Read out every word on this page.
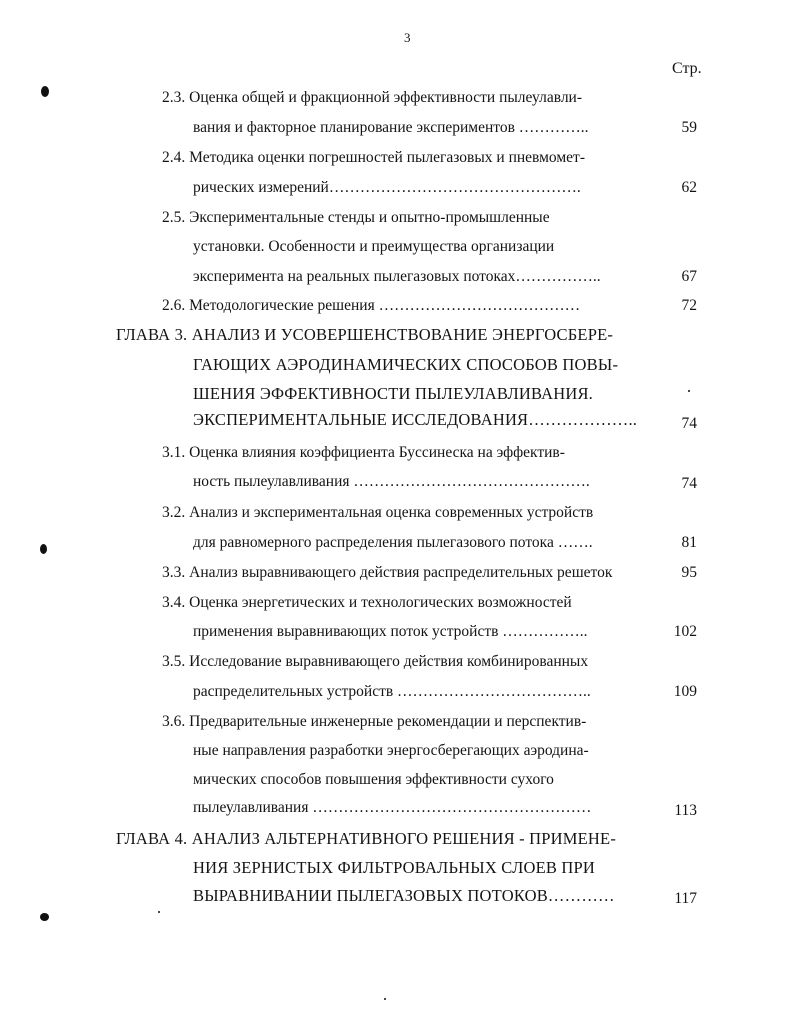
3
Стр.
2.3. Оценка общей и фракционной эффективности пылеулавли-
вания и факторное планирование экспериментов …………..	59
2.4. Методика оценки погрешностей пылегазовых и пневмомет-
рических измерений………………………………………….	62
2.5. Экспериментальные стенды и опытно-промышленные
установки. Особенности и преимущества организации
эксперимента на реальных пылегазовых потоках……………..	67
2.6. Методологические решения …………………………………	72
ГЛАВА 3. АНАЛИЗ И УСОВЕРШЕНСТВОВАНИЕ ЭНЕРГОСБЕРЕ-
ГАЮЩИХ АЭРОДИНАМИЧЕСКИХ СПОСОБОВ ПОВЫ-
ШЕНИЯ ЭФФЕКТИВНОСТИ ПЫЛЕУЛАВЛИВАНИЯ.
ЭКСПЕРИМЕНТАЛЬНЫЕ ИССЛЕДОВАНИЯ………………..	74
3.1. Оценка влияния коэффициента Буссинеска на эффектив-
ность пылеулавливания ……………………………………….	74
3.2. Анализ и экспериментальная оценка современных устройств
для равномерного распределения пылегазового потока …….	81
3.3. Анализ выравнивающего действия распределительных решеток	95
3.4. Оценка энергетических и технологических возможностей
применения выравнивающих поток устройств ……………..	102
3.5. Исследование выравнивающего действия комбинированных
распределительных устройств ………………………………..	109
3.6. Предварительные инженерные рекомендации и перспектив-
ные направления разработки энергосберегающих аэродина-
мических способов повышения эффективности сухого
пылеулавливания ………………………………………………	113
ГЛАВА 4. АНАЛИЗ АЛЬТЕРНАТИВНОГО РЕШЕНИЯ - ПРИМЕНЕ-
НИЯ ЗЕРНИСТЫХ ФИЛЬТРОВАЛЬНЫХ СЛОЕВ ПРИ
ВЫРАВНИВАНИИ ПЫЛЕГАЗОВЫХ ПОТОКОВ…………	117
